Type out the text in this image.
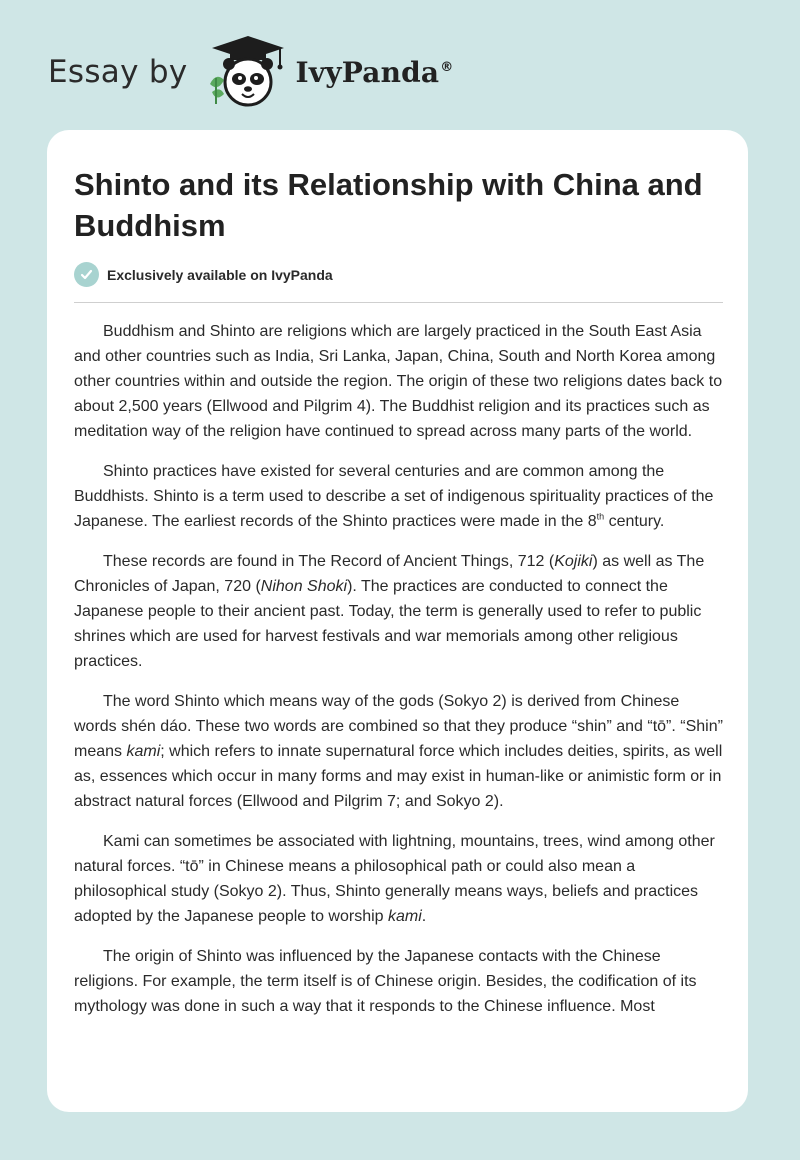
Essay by	IvyPanda®
Shinto and its Relationship with China and Buddhism
Exclusively available on IvyPanda

Buddhism and Shinto are religions which are largely practiced in the South East Asia and other countries such as India, Sri Lanka, Japan, China, South and North Korea among other countries within and outside the region. The origin of these two religions dates back to about 2,500 years (Ellwood and Pilgrim 4). The Buddhist religion and its practices such as meditation way of the religion have continued to spread across many parts of the world.

Shinto practices have existed for several centuries and are common among the Buddhists. Shinto is a term used to describe a set of indigenous spirituality practices of the Japanese. The earliest records of the Shinto practices were made in the 8th century.

These records are found in The Record of Ancient Things, 712 (Kojiki) as well as The Chronicles of Japan, 720 (Nihon Shoki). The practices are conducted to connect the Japanese people to their ancient past. Today, the term is generally used to refer to public shrines which are used for harvest festivals and war memorials among other religious practices.

The word Shinto which means way of the gods (Sokyo 2) is derived from Chinese words shén dáo. These two words are combined so that they produce “shin” and “tō”. “Shin” means kami; which refers to innate supernatural force which includes deities, spirits, as well as, essences which occur in many forms and may exist in human-like or animistic form or in abstract natural forces (Ellwood and Pilgrim 7; and Sokyo 2).

Kami can sometimes be associated with lightning, mountains, trees, wind among other natural forces. “tō” in Chinese means a philosophical path or could also mean a philosophical study (Sokyo 2). Thus, Shinto generally means ways, beliefs and practices adopted by the Japanese people to worship kami.

The origin of Shinto was influenced by the Japanese contacts with the Chinese religions. For example, the term itself is of Chinese origin. Besides, the codification of its mythology was done in such a way that it responds to the Chinese influence. Most
